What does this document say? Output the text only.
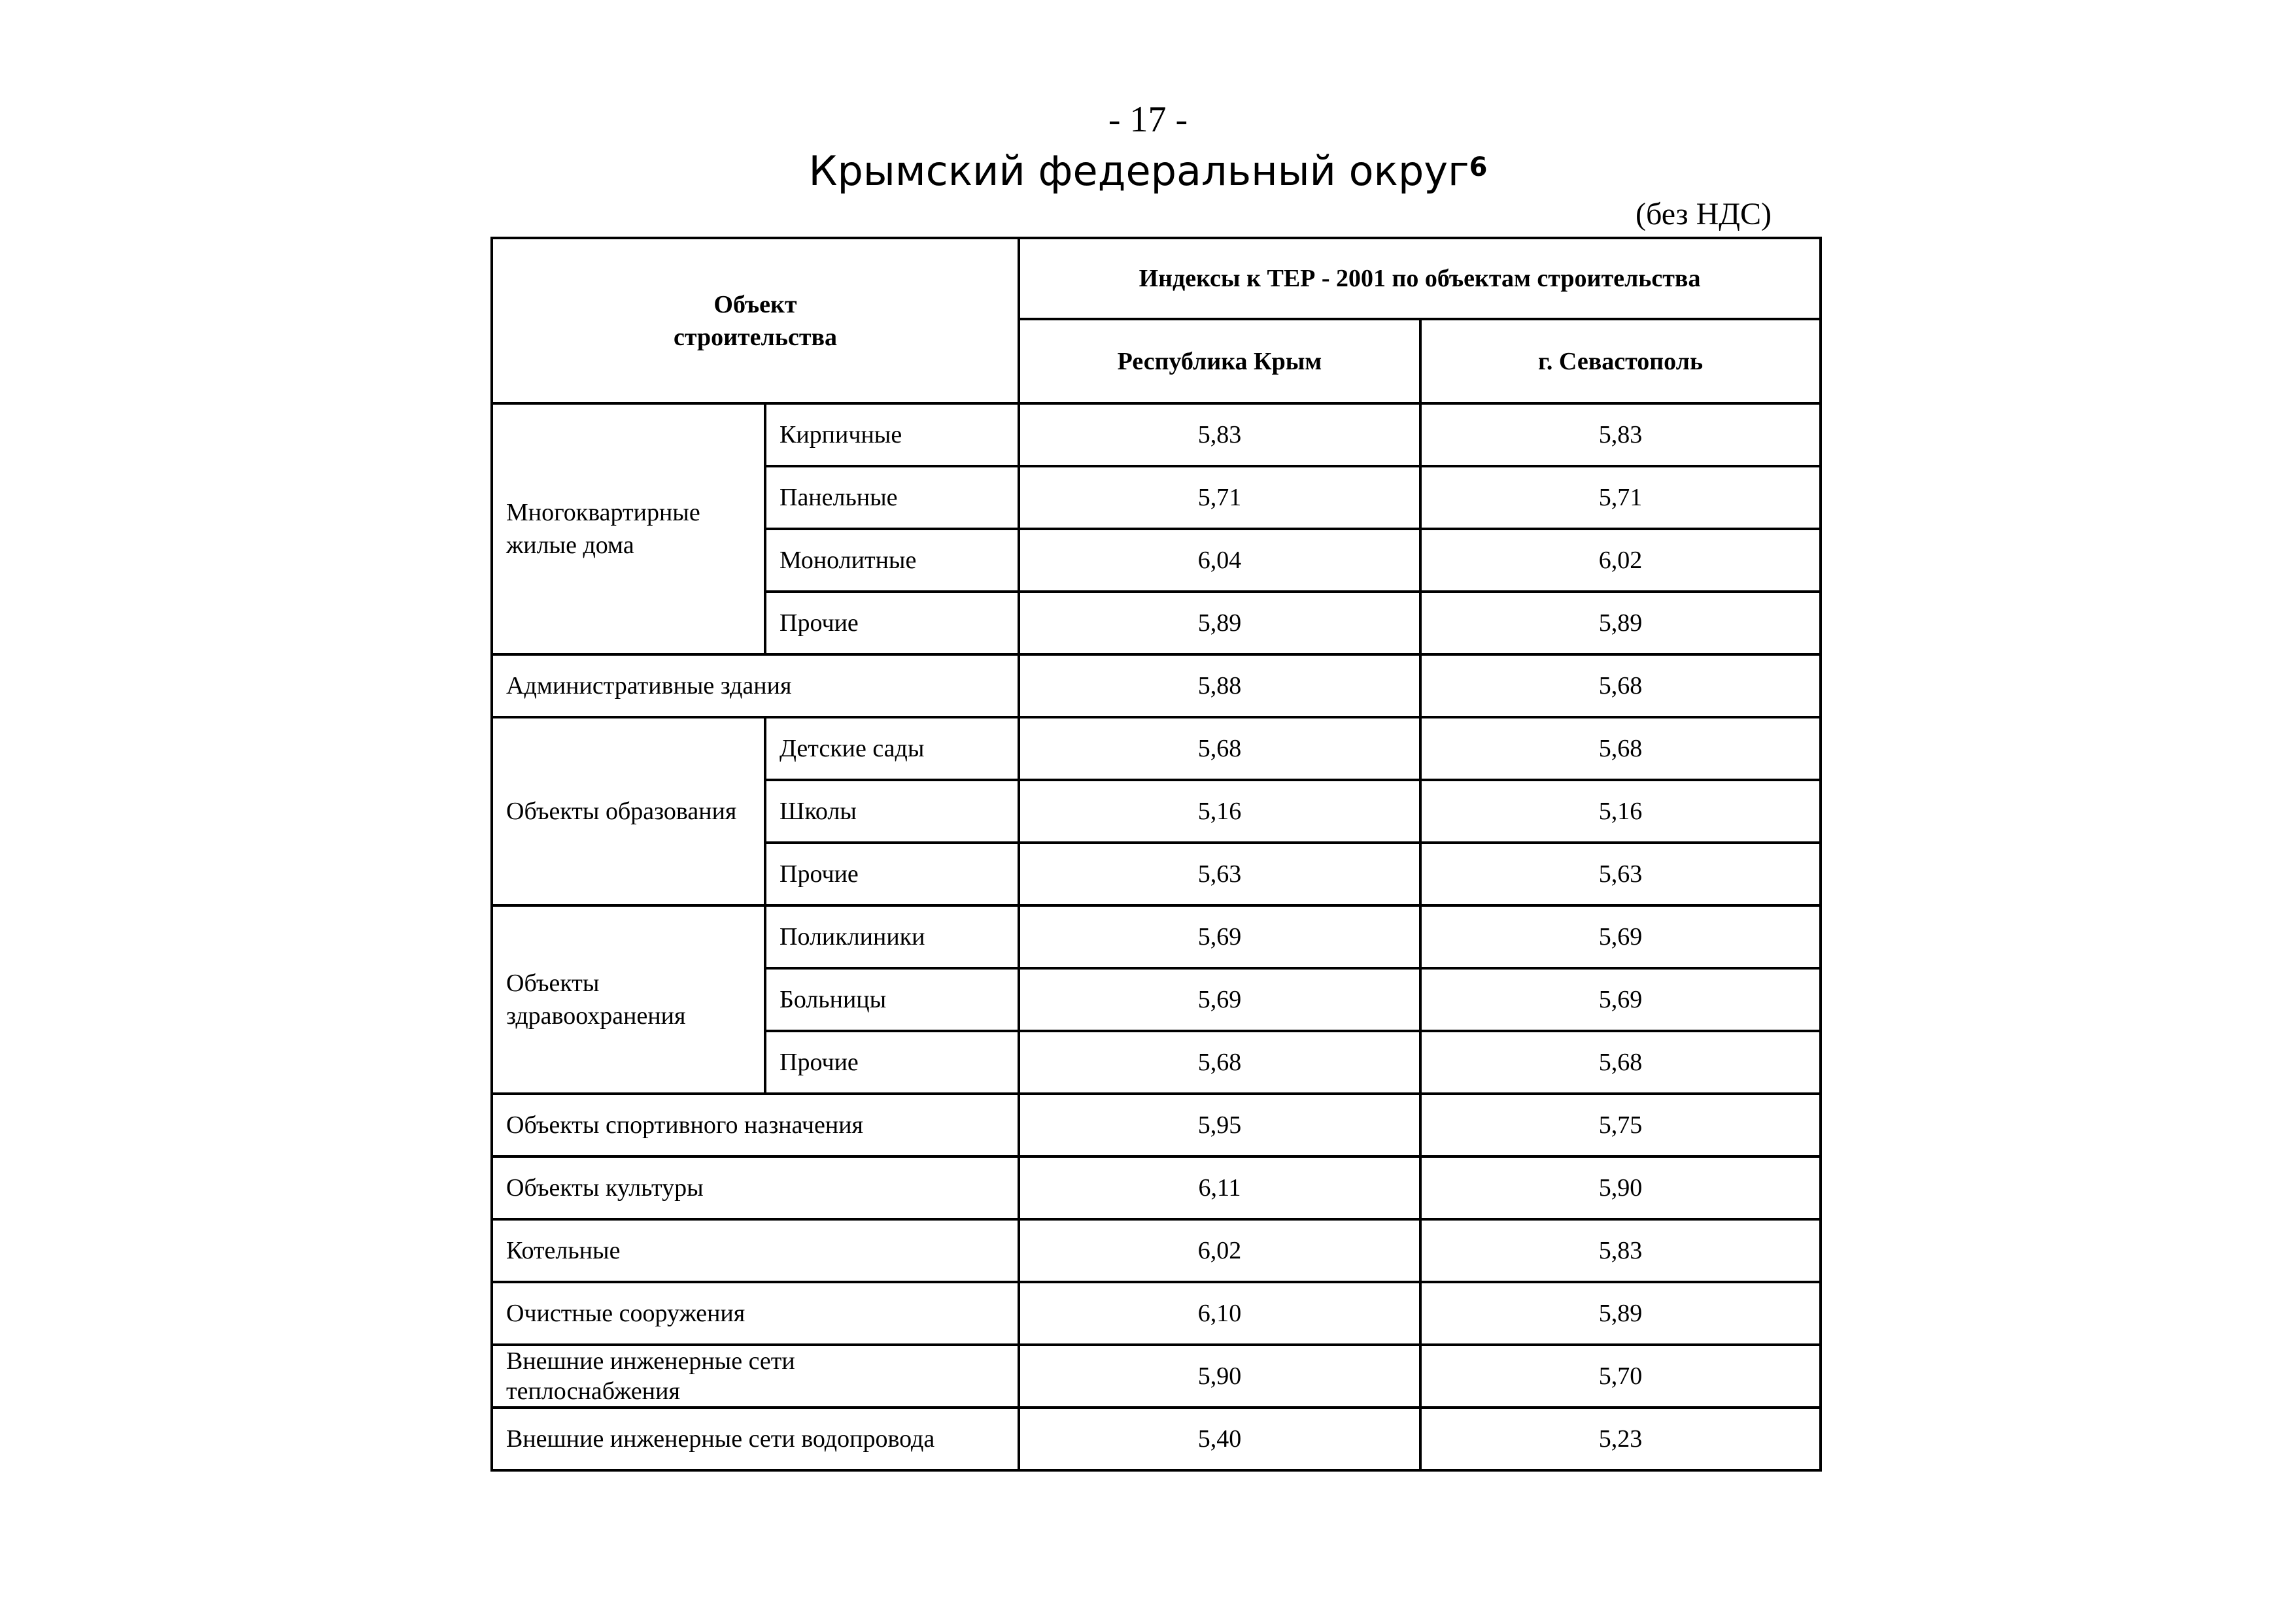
- 17 -
Крымский федеральный округ$^6$
(без НДС)
Объект строительства		Индексы к ТЕР - 2001 по объектам строительства	
		Республика Крым	г. Севастополь
Многоквартирные жилые дома	Кирпичные	5,83	5,83
	Панельные	5,71	5,71
	Монолитные	6,04	6,02
	Прочие	5,89	5,89
Административные здания		5,88	5,68
Объекты образования	Детские сады	5,68	5,68
	Школы	5,16	5,16
	Прочие	5,63	5,63
Объекты здравоохранения	Поликлиники	5,69	5,69
	Больницы	5,69	5,69
	Прочие	5,68	5,68
Объекты спортивного назначения		5,95	5,75
Объекты культуры		6,11	5,90
Котельные		6,02	5,83
Очистные сооружения		6,10	5,89
Внешние инженерные сети теплоснабжения		5,90	5,70
Внешние инженерные сети водопровода		5,40	5,23
